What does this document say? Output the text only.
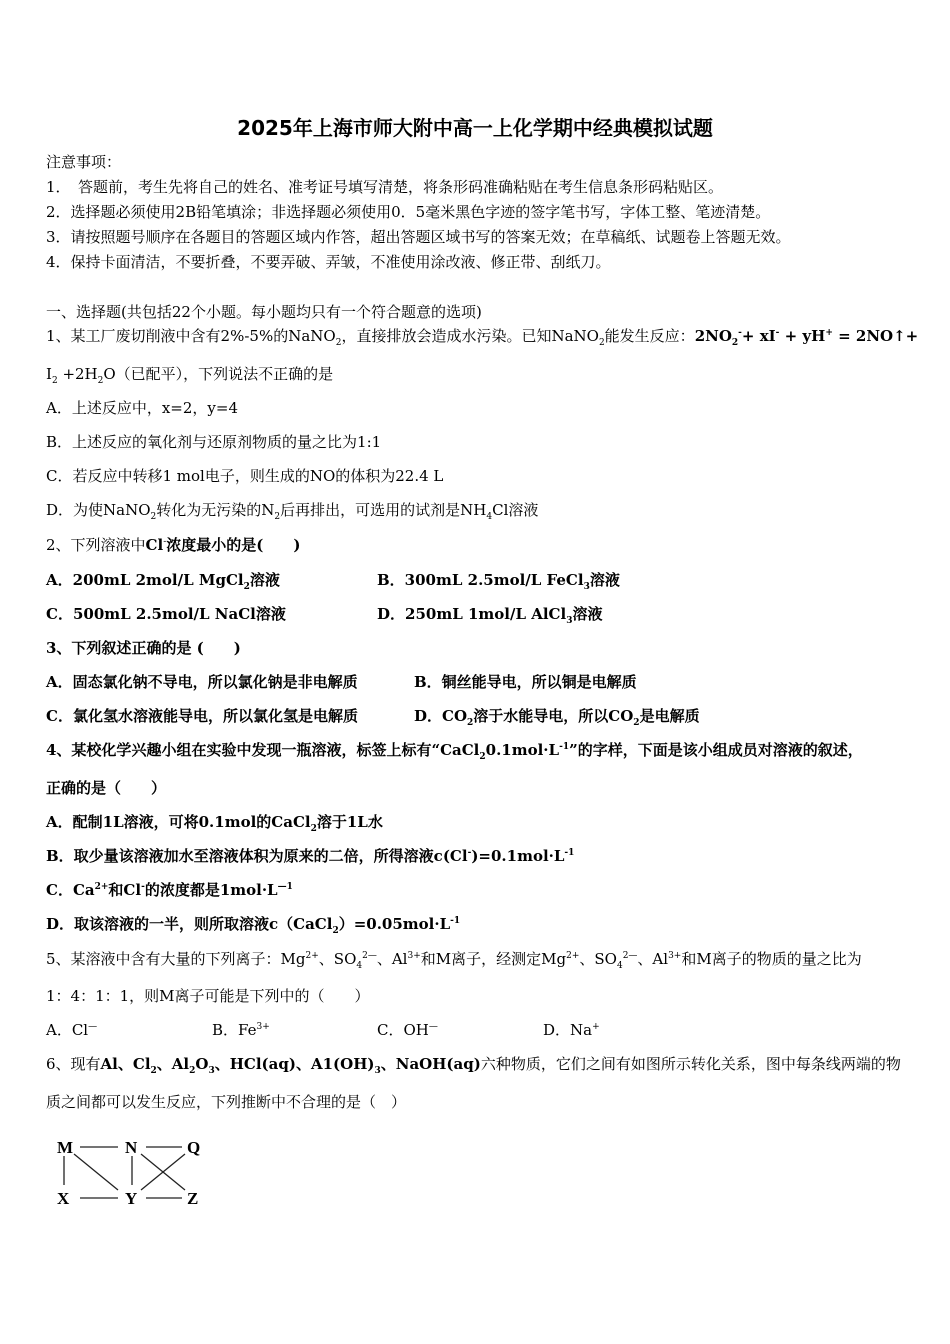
2025年上海市师大附中高一上化学期中经典模拟试题
注意事项：
1．　答题前，考生先将自己的姓名、准考证号填写清楚，将条形码准确粘贴在考生信息条形码粘贴区。
2．选择题必须使用2B铅笔填涂；非选择题必须使用0．5毫米黑色字迹的签字笔书写，字体工整、笔迹清楚。
3．请按照题号顺序在各题目的答题区域内作答，超出答题区域书写的答案无效；在草稿纸、试题卷上答题无效。
4．保持卡面清洁，不要折叠，不要弄破、弄皱，不准使用涂改液、修正带、刮纸刀。
一、选择题(共包括22个小题。每小题均只有一个符合题意的选项)
1、某工厂废切削液中含有2%-5%的NaNO$_2$，直接排放会造成水污染。已知NaNO$_2$能发生反应：$2NO_2^-+ xI^- + yH^+$ = 2NO↑+
$I_2 +2H_2O$（已配平），下列说法不正确的是
A．上述反应中，x=2，y=4
B．上述反应的氧化剂与还原剂物质的量之比为1:1
C．若反应中转移1 mol电子，则生成的NO的体积为22.4 L
D．为使NaNO$_2$转化为无污染的$N_2$后再排出，可选用的试剂是$NH_4Cl$溶液
2、下列溶液中Cl-浓度最小的是(　　)
A．200mL 2mol/L MgCl$_2$溶液	B．300mL 2.5mol/L FeCl$_3$溶液
C．500mL 2.5mol/L NaCl溶液	D．250mL 1mol/L AlCl$_3$溶液
3、下列叙述正确的是 (　　)
A．固态氯化钠不导电，所以氯化钠是非电解质	B．铜丝能导电，所以铜是电解质
C．氯化氢水溶液能导电，所以氯化氢是电解质	D．$CO_2$溶于水能导电，所以$CO_2$是电解质
4、某校化学兴趣小组在实验中发现一瓶溶液，标签上标有“$CaCl_20.1mol\cdot L^{-1}$”的字样，下面是该小组成员对溶液的叙述，
正确的是（　　）
A．配制1L溶液，可将0.1mol的CaCl$_2$溶于1L水
B．取少量该溶液加水至溶液体积为原来的二倍，所得溶液$c(Cl^-)=0.1mol\cdot L^{-1}$
C．$Ca^{2+}$和Cl-的浓度都是$1mol\cdot L^{—1}$
D．取该溶液的一半，则所取溶液$c(CaCl_2)=0.05mol\cdot L^{-1}$
5、某溶液中含有大量的下列离子：$Mg^{2+}$、$SO_4^{2—}$、$Al^{3+}$和M离子，经测定$Mg^{2+}$、$SO_4^{2—}$、$Al^{3+}$和M离子的物质的量之比为
1：4：1：1，则M离子可能是下列中的（　　）
A．Cl—	B．$Fe^{3+}$	C．OH—	D．Na+
6、现有Al、$Cl_2$、$Al_2O_3$、HCl(aq)、$A1(OH)_3$、NaOH(aq)六种物质，它们之间有如图所示转化关系，图中每条线两端的物
质之间都可以发生反应，下列推断中不合理的是（　）
M	N	Q
X	Y	Z
